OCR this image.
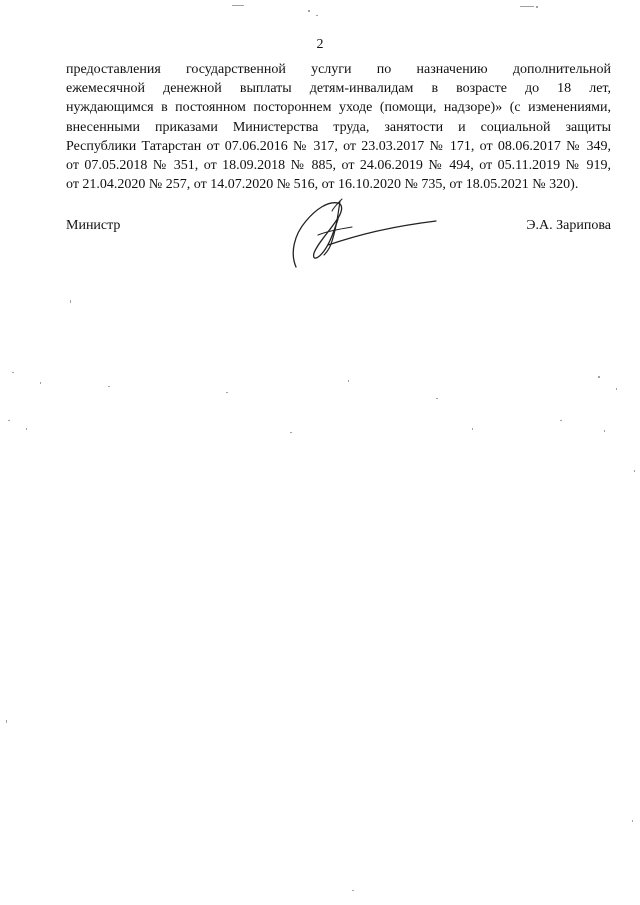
2
предоставления государственной услуги по назначению дополнительной
ежемесячной денежной выплаты детям-инвалидам в возрасте до 18 лет,
нуждающимся в постоянном постороннем уходе (помощи, надзоре)» (с изменениями,
внесенными приказами Министерства труда, занятости и социальной защиты
Республики Татарстан от 07.06.2016 № 317, от 23.03.2017 № 171, от 08.06.2017 № 349,
от 07.05.2018 № 351, от 18.09.2018 № 885, от 24.06.2019 № 494, от 05.11.2019 № 919,
от 21.04.2020 № 257, от 14.07.2020 № 516, от 16.10.2020 № 735, от 18.05.2021 № 320).
Министр	Э.А. Зарипова
